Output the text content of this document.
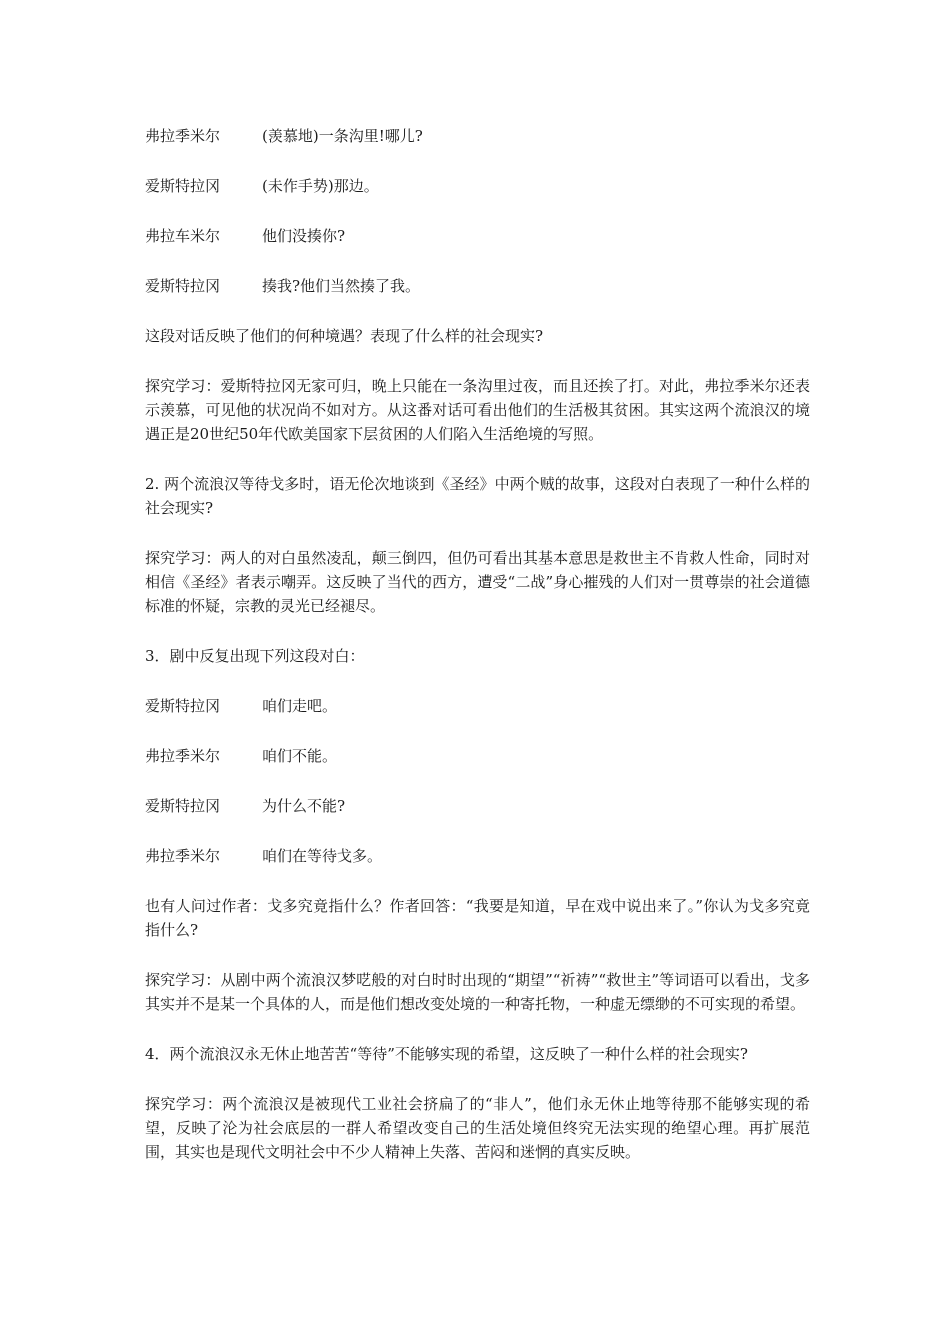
弗拉季米尔	(羡慕地)一条沟里!哪儿?
爱斯特拉冈	(未作手势)那边。
弗拉车米尔	他们没揍你?
爱斯特拉冈	揍我?他们当然揍了我。

这段对话反映了他们的何种境遇？表现了什么样的社会现实?

探究学习：爱斯特拉冈无家可归，晚上只能在一条沟里过夜，而且还挨了打。对此，弗拉季米尔还表示羡慕，可见他的状况尚不如对方。从这番对话可看出他们的生活极其贫困。其实这两个流浪汉的境遇正是20世纪50年代欧美国家下层贫困的人们陷入生活绝境的写照。

2. 两个流浪汉等待戈多时，语无伦次地谈到《圣经》中两个贼的故事，这段对白表现了一种什么样的社会现实?

探究学习：两人的对白虽然凌乱，颠三倒四，但仍可看出其基本意思是救世主不肯救人性命，同时对相信《圣经》者表示嘲弄。这反映了当代的西方，遭受“二战”身心摧残的人们对一贯尊崇的社会道德标准的怀疑，宗教的灵光已经褪尽。

3．剧中反复出现下列这段对白：

爱斯特拉冈	咱们走吧。
弗拉季米尔	咱们不能。
爱斯特拉冈	为什么不能?
弗拉季米尔	咱们在等待戈多。

也有人问过作者：戈多究竟指什么？作者回答：“我要是知道，早在戏中说出来了。”你认为戈多究竟指什么?

探究学习：从剧中两个流浪汉梦呓般的对白时时出现的“期望”“祈祷”“救世主”等词语可以看出，戈多其实并不是某一个具体的人，而是他们想改变处境的一种寄托物，一种虚无缥缈的不可实现的希望。

4．两个流浪汉永无休止地苦苦“等待”不能够实现的希望，这反映了一种什么样的社会现实?

探究学习：两个流浪汉是被现代工业社会挤扁了的“非人”，他们永无休止地等待那不能够实现的希望，反映了沦为社会底层的一群人希望改变自己的生活处境但终究无法实现的绝望心理。再扩展范围，其实也是现代文明社会中不少人精神上失落、苦闷和迷惘的真实反映。
